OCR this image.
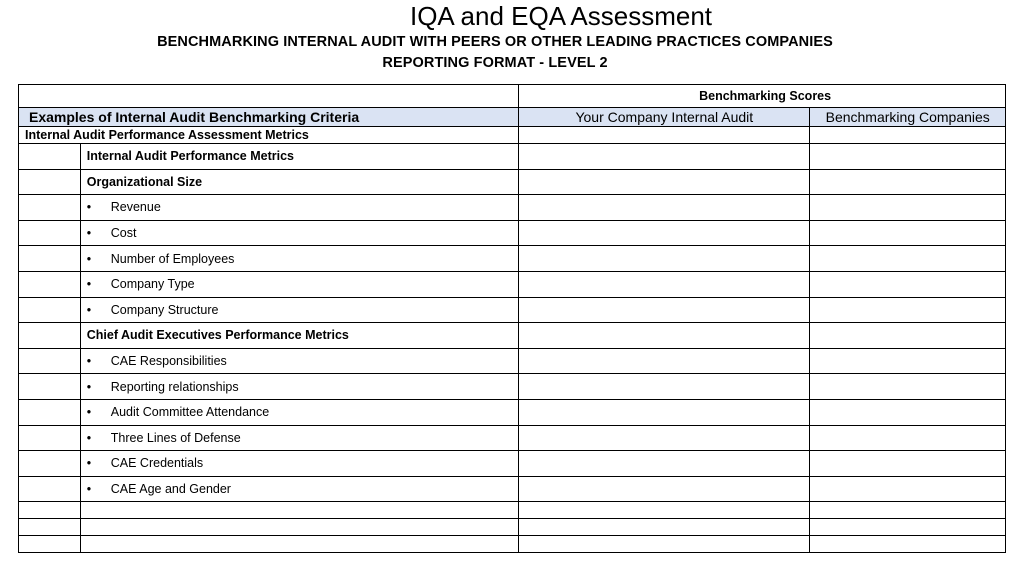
IQA and EQA Assessment
BENCHMARKING INTERNAL AUDIT WITH PEERS OR OTHER LEADING PRACTICES COMPANIES
REPORTING FORMAT - LEVEL 2
		Benchmarking Scores	
Examples of Internal Audit Benchmarking Criteria		Your Company Internal Audit	Benchmarking Companies
Internal Audit Performance Assessment Metrics			
	Internal Audit Performance Metrics		
	Organizational Size		
	• Revenue		
	• Cost		
	• Number of Employees		
	• Company Type		
	• Company Structure		
	Chief Audit Executives Performance Metrics		
	• CAE Responsibilities		
	• Reporting relationships		
	• Audit Committee Attendance		
	• Three Lines of Defense		
	• CAE Credentials		
	• CAE Age and Gender		
